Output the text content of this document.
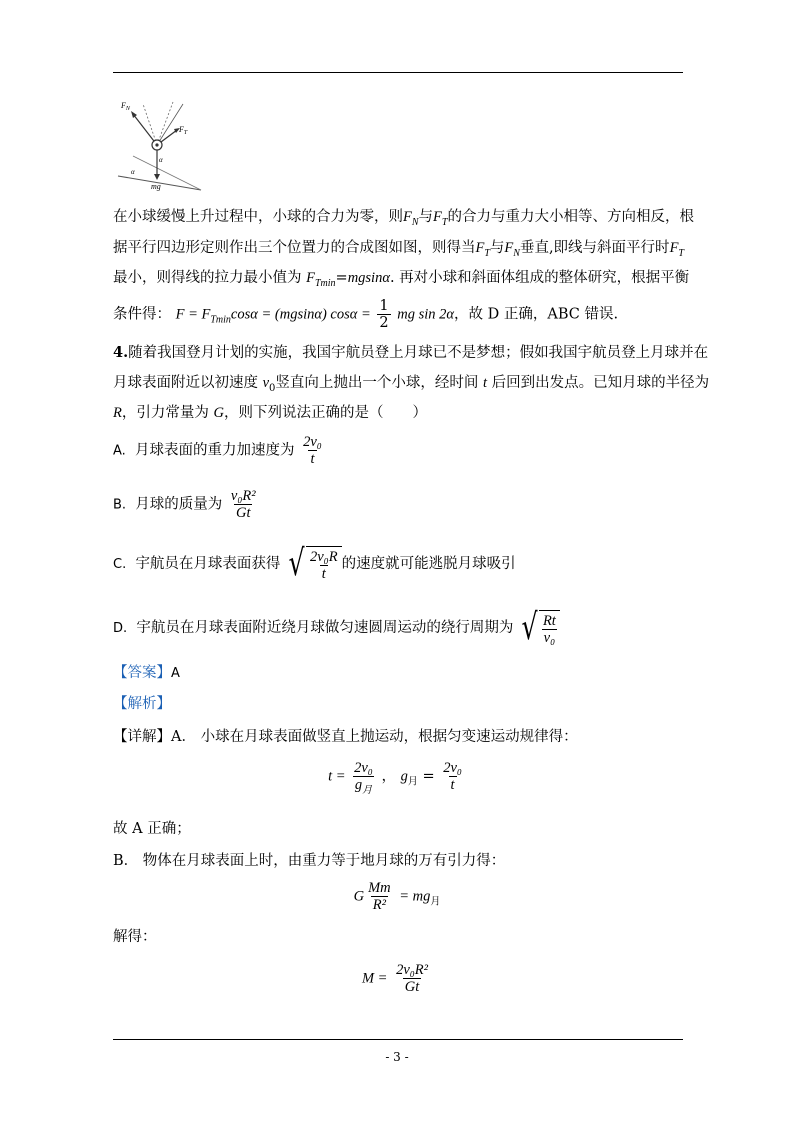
$F_N$
$F_T$
α
α
mg
在小球缓慢上升过程中，小球的合力为零，则$F_N$与$F_T$的合力与重力大小相等、方向相反，根
据平行四边形定则作出三个位置力的合成图如图，则得当$F_T$与$F_N$垂直,即线与斜面平行时$F_T$
最小，则得线的拉力最小值为 $F_{Tmin}=mgsin\alpha$. 再对小球和斜面体组成的整体研究，根据平衡
条件得： $F = F_{Tmin}\cos\alpha = (mgsin\alpha) \cos\alpha = \frac{1}{2}$ mg sin 2α，故 D 正确，ABC 错误.
4.随着我国登月计划的实施，我国宇航员登上月球已不是梦想；假如我国宇航员登上月球并在
月球表面附近以初速度 $v_0$竖直向上抛出一个小球，经时间 t 后回到出发点。已知月球的半径为
R，引力常量为 G，则下列说法正确的是（　　）
A. 月球表面的重力加速度为 $\frac{\text{2v₀}}{t}$
B. 月球的质量为 $\frac{\text{v₀R²}}{Gt}$
C. 宇航员在月球表面获得 √ $\frac{\text{2v₀R}}{t}$ 的速度就可能逃脱月球吸引
D. 宇航员在月球表面附近绕月球做匀速圆周运动的绕行周期为 √ $\frac{Rt}{\text{v₀}}$
【答案】A
【解析】
【详解】A． 小球在月球表面做竖直上抛运动，根据匀变速运动规律得：
$t = \frac{\text{2v₀}}{g_月}$ ， $g_月 = \frac{\text{2v₀}}{t}$
故 A 正确；
B． 物体在月球表面上时，由重力等于地月球的万有引力得：
G $\frac{Mm}{\text{R²}} = mg_月$
解得：
$M = \frac{\text{2v₀R²}}{Gt}$
- 3 -
